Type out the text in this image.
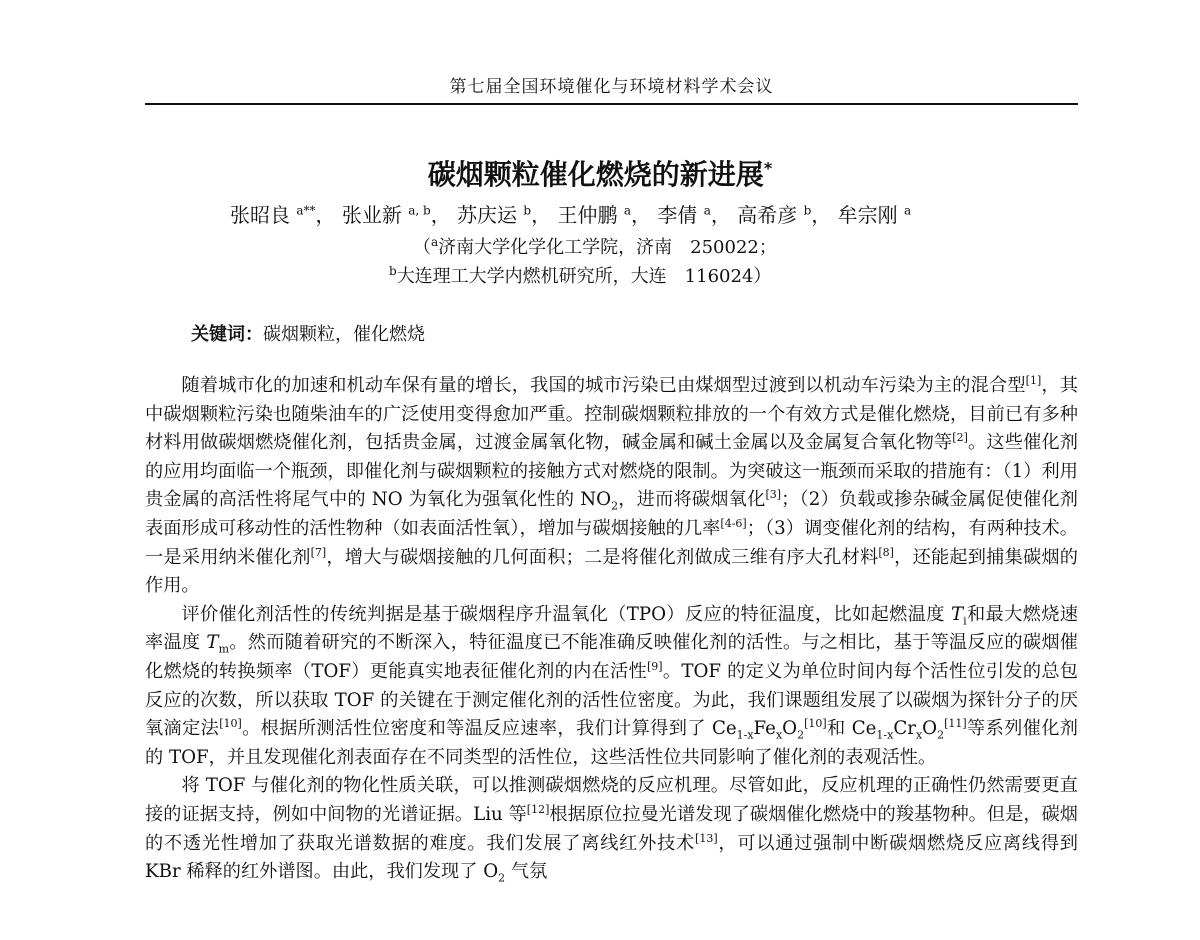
第七届全国环境催化与环境材料学术会议
碳烟颗粒催化燃烧的新进展*
张昭良 $^{a**}$， 张业新 $^{a, b}$， 苏庆运 $^b$， 王仲鹏 $^a$， 李倩 $^a$， 高希彦 $^b$， 牟宗刚 $^a$
（$^a$济南大学化学化工学院，济南　250022；
$^b$大连理工大学内燃机研究所，大连　116024）
关键词：碳烟颗粒，催化燃烧

随着城市化的加速和机动车保有量的增长，我国的城市污染已由煤烟型过渡到以机动车污染为主的混合型[1]，其中碳烟颗粒污染也随柴油车的广泛使用变得愈加严重。控制碳烟颗粒排放的一个有效方式是催化燃烧，目前已有多种材料用做碳烟燃烧催化剂，包括贵金属，过渡金属氧化物，碱金属和碱土金属以及金属复合氧化物等[2]。这些催化剂的应用均面临一个瓶颈，即催化剂与碳烟颗粒的接触方式对燃烧的限制。为突破这一瓶颈而采取的措施有：（1）利用贵金属的高活性将尾气中的 NO 为氧化为强氧化性的 $NO_2$，进而将碳烟氧化[3]；（2）负载或掺杂碱金属促使催化剂表面形成可移动性的活性物种（如表面活性氧），增加与碳烟接触的几率[4-6]；（3）调变催化剂的结构，有两种技术。一是采用纳米催化剂[7]，增大与碳烟接触的几何面积；二是将催化剂做成三维有序大孔材料[8]，还能起到捕集碳烟的作用。

评价催化剂活性的传统判据是基于碳烟程序升温氧化（TPO）反应的特征温度，比如起燃温度 $T_i$和最大燃烧速率温度 $T_m$。然而随着研究的不断深入，特征温度已不能准确反映催化剂的活性。与之相比，基于等温反应的碳烟催化燃烧的转换频率（TOF）更能真实地表征催化剂的内在活性[9]。TOF 的定义为单位时间内每个活性位引发的总包反应的次数，所以获取 TOF 的关键在于测定催化剂的活性位密度。为此，我们课题组发展了以碳烟为探针分子的厌氧滴定法[10]。根据所测活性位密度和等温反应速率，我们计算得到了 $Ce_{1-x}Fe_xO_2[10]$和 $Ce_{1-x}Cr_xO_2[11]$等系列催化剂的 TOF，并且发现催化剂表面存在不同类型的活性位，这些活性位共同影响了催化剂的表观活性。

将 TOF 与催化剂的物化性质关联，可以推测碳烟燃烧的反应机理。尽管如此，反应机理的正确性仍然需要更直接的证据支持，例如中间物的光谱证据。Liu 等[12]根据原位拉曼光谱发现了碳烟催化燃烧中的羧基物种。但是，碳烟的不透光性增加了获取光谱数据的难度。我们发展了离线红外技术[13]，可以通过强制中断碳烟燃烧反应离线得到 KBr 稀释的红外谱图。由此，我们发现了 $O_2$ 气氛
